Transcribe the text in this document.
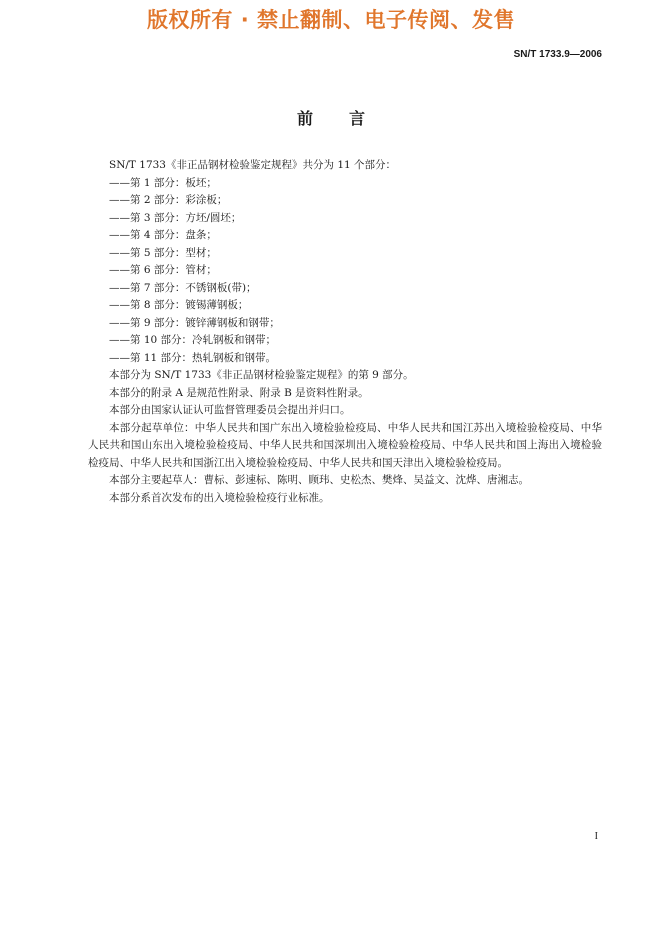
版权所有 · 禁止翻制、电子传阅、发售
SN/T 1733.9—2006
前言
SN/T 1733《非正品钢材检验鉴定规程》共分为 11 个部分：
——第 1 部分：板坯；
——第 2 部分：彩涂板；
——第 3 部分：方坯/圆坯；
——第 4 部分：盘条；
——第 5 部分：型材；
——第 6 部分：管材；
——第 7 部分：不锈钢板(带)；
——第 8 部分：镀锡薄钢板；
——第 9 部分：镀锌薄钢板和钢带；
——第 10 部分：冷轧钢板和钢带；
——第 11 部分：热轧钢板和钢带。
本部分为 SN/T 1733《非正品钢材检验鉴定规程》的第 9 部分。
本部分的附录 A 是规范性附录、附录 B 是资料性附录。
本部分由国家认证认可监督管理委员会提出并归口。
本部分起草单位：中华人民共和国广东出入境检验检疫局、中华人民共和国江苏出入境检验检疫局、中华人民共和国山东出入境检验检疫局、中华人民共和国深圳出入境检验检疫局、中华人民共和国上海出入境检验检疫局、中华人民共和国浙江出入境检验检疫局、中华人民共和国天津出入境检验检疫局。
本部分主要起草人：曹标、彭速标、陈明、顾玮、史松杰、樊烽、吴益文、沈烨、唐湘志。
本部分系首次发布的出入境检验检疫行业标准。
I
